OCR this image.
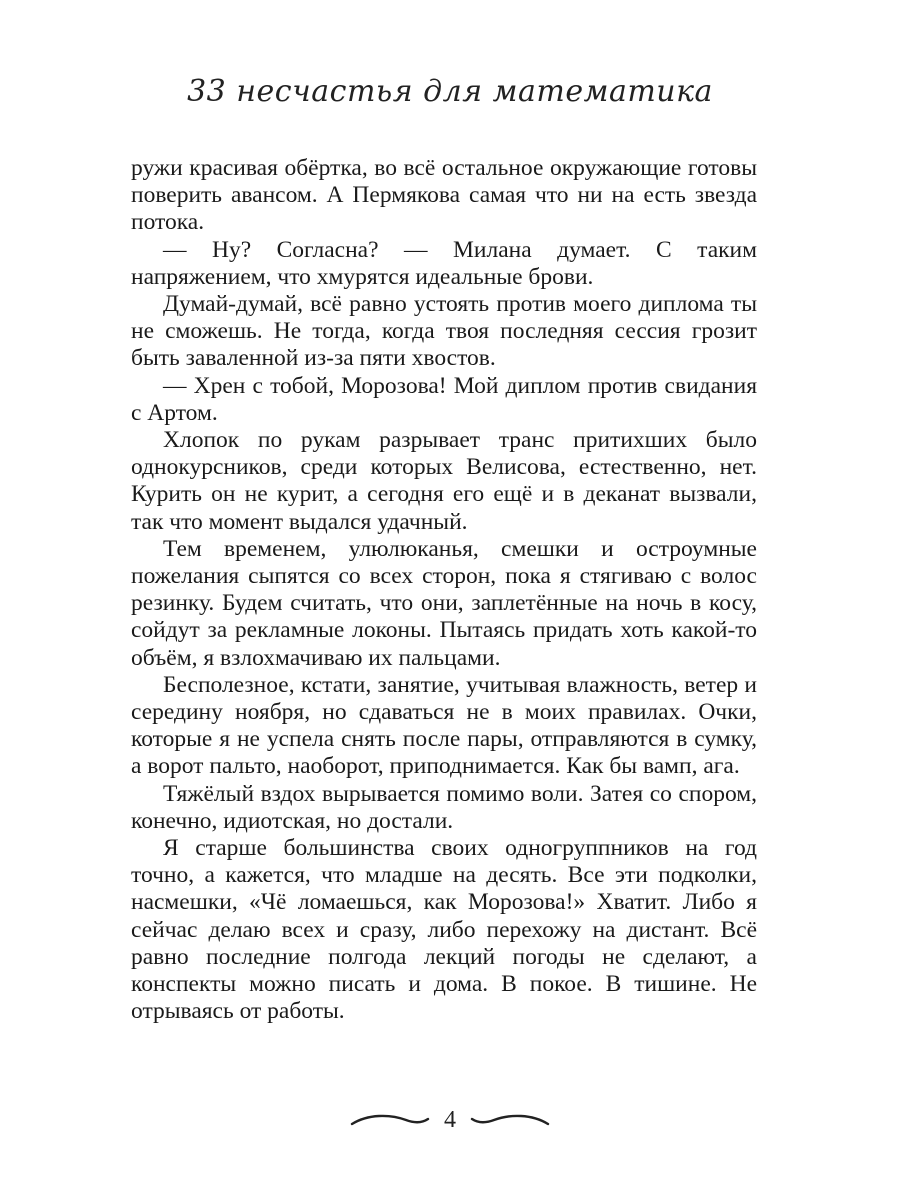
33 несчастья для математика

ружи красивая обёртка, во всё остальное окружающие готовы поверить авансом. А Пермякова самая что ни на есть звезда потока.

— Ну? Согласна? — Милана думает. С таким напряжением, что хмурятся идеальные брови.

Думай-думай, всё равно устоять против моего диплома ты не сможешь. Не тогда, когда твоя последняя сессия грозит быть заваленной из-за пяти хвостов.

— Хрен с тобой, Морозова! Мой диплом против свидания с Артом.

Хлопок по рукам разрывает транс притихших было однокурсников, среди которых Велисова, естественно, нет. Курить он не курит, а сегодня его ещё и в деканат вызвали, так что момент выдался удачный.

Тем временем, улюлюканья, смешки и остроумные пожелания сыпятся со всех сторон, пока я стягиваю с волос резинку. Будем считать, что они, заплетённые на ночь в косу, сойдут за рекламные локоны. Пытаясь придать хоть какой-то объём, я взлохмачиваю их пальцами.

Бесполезное, кстати, занятие, учитывая влажность, ветер и середину ноября, но сдаваться не в моих правилах. Очки, которые я не успела снять после пары, отправляются в сумку, а ворот пальто, наоборот, приподнимается. Как бы вамп, ага.

Тяжёлый вздох вырывается помимо воли. Затея со спором, конечно, идиотская, но достали.

Я старше большинства своих одногруппников на год точно, а кажется, что младше на десять. Все эти подколки, насмешки, «Чё ломаешься, как Морозова!» Хватит. Либо я сейчас делаю всех и сразу, либо перехожу на дистант. Всё равно последние полгода лекций погоды не сделают, а конспекты можно писать и дома. В покое. В тишине. Не отрываясь от работы.

4
